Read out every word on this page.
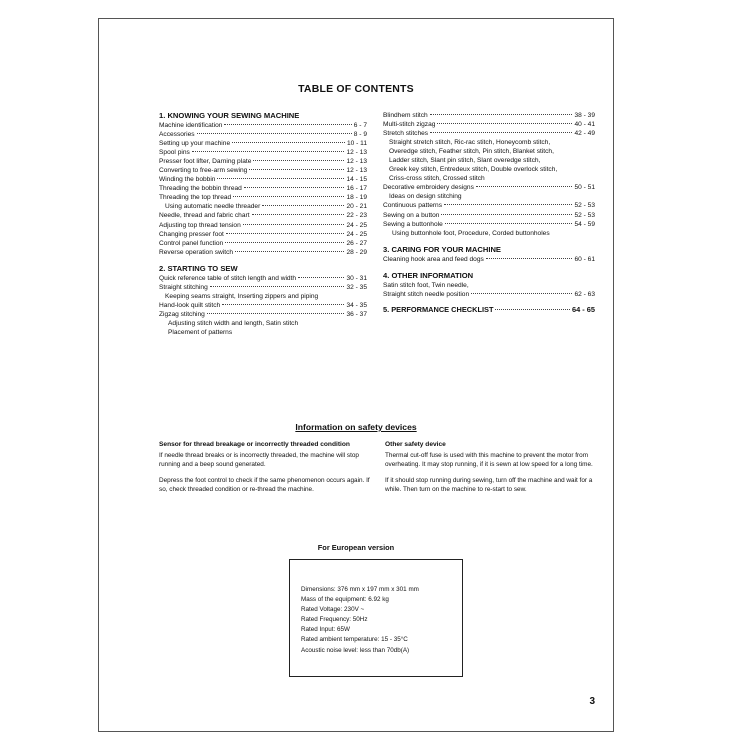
TABLE OF CONTENTS
1. KNOWING YOUR SEWING MACHINE
Machine identification	6 - 7
Accessories	8 - 9
Setting up your machine	10 - 11
Spool pins	12 - 13
Presser foot lifter, Darning plate	12 - 13
Converting to free-arm sewing	12 - 13
Winding the bobbin	14 - 15
Threading the bobbin thread	16 - 17
Threading the top thread	18 - 19
Using automatic needle threader	20 - 21
Needle, thread and fabric chart	22 - 23
Adjusting top thread tension	24 - 25
Changing presser foot	24 - 25
Control panel function	26 - 27
Reverse operation switch	28 - 29
2. STARTING TO SEW
Quick reference table of stitch length and width	30 - 31
Straight stitching	32 - 35
Keeping seams straight, Inserting zippers and piping
Hand-look quilt stitch	34 - 35
Zigzag stitching	36 - 37
Adjusting stitch width and length, Satin stitch
Placement of patterns
Blindhem stitch	38 - 39
Multi-stitch zigzag	40 - 41
Stretch stitches	42 - 49
Straight stretch stitch, Ric-rac stitch, Honeycomb stitch,
Overedge stitch, Feather stitch, Pin stitch, Blanket stitch,
Ladder stitch, Slant pin stitch, Slant overedge stitch,
Greek key stitch, Entredeux stitch, Double overlock stitch,
Criss-cross stitch, Crossed stitch
Decorative embroidery designs	50 - 51
Ideas on design stitching
Continuous patterns	52 - 53
Sewing on a button	52 - 53
Sewing a buttonhole	54 - 59
Using buttonhole foot, Procedure, Corded buttonholes
3. CARING FOR YOUR MACHINE
Cleaning hook area and feed dogs	60 - 61
4. OTHER INFORMATION
Satin stitch foot, Twin needle,
Straight stitch needle position	62 - 63
5. PERFORMANCE CHECKLIST	64 - 65
Information on safety devices
Sensor for thread breakage or incorrectly threaded condition

If needle thread breaks or is incorrectly threaded, the machine will stop running and a beep sound generated.

Depress the foot control to check if the same phenomenon occurs again. If so, check threaded condition or re-thread the machine.

Other safety device

Thermal cut-off fuse is used with this machine to prevent the motor from overheating. It may stop running, if it is sewn at low speed for a long time.

If it should stop running during sewing, turn off the machine and wait for a while. Then turn on the machine to re-start to sew.

For European version
Dimensions: 376 mm x 197 mm x 301 mm
Mass of the equipment: 6.92 kg
Rated Voltage: 230V ~
Rated Frequency: 50Hz
Rated Input: 65W
Rated ambient temperature: 15 - 35°C
Acoustic noise level: less than 70db(A)
3
